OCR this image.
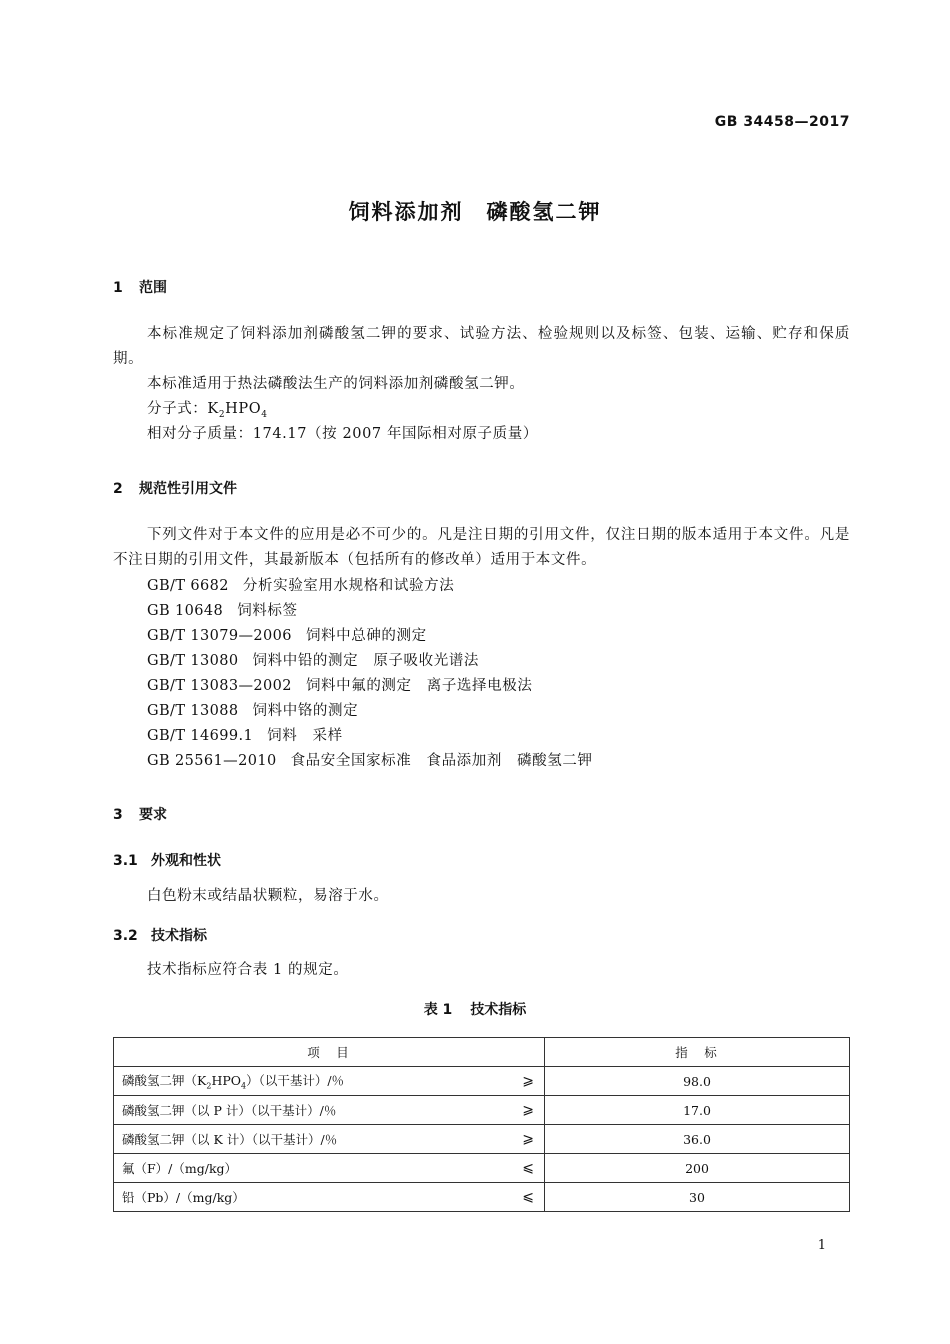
GB 34458—2017
饲料添加剂　磷酸氢二钾
1 范围
本标准规定了饲料添加剂磷酸氢二钾的要求、试验方法、检验规则以及标签、包装、运输、贮存和保质期。
本标准适用于热法磷酸法生产的饲料添加剂磷酸氢二钾。
分子式：$K_2HPO_4$
相对分子质量：174.17（按 2007 年国际相对原子质量）
2 规范性引用文件
下列文件对于本文件的应用是必不可少的。凡是注日期的引用文件，仅注日期的版本适用于本文件。凡是不注日期的引用文件，其最新版本（包括所有的修改单）适用于本文件。
GB/T 6682 分析实验室用水规格和试验方法
GB 10648 饲料标签
GB/T 13079—2006 饲料中总砷的测定
GB/T 13080 饲料中铅的测定　原子吸收光谱法
GB/T 13083—2002 饲料中氟的测定　离子选择电极法
GB/T 13088 饲料中铬的测定
GB/T 14699.1 饲料　采样
GB 25561—2010 食品安全国家标准　食品添加剂　磷酸氢二钾
3 要求
3.1 外观和性状
白色粉末或结晶状颗粒，易溶于水。
3.2 技术指标
技术指标应符合表 1 的规定。
表 1 技术指标
项　目	指　标
磷酸氢二钾$(K_2HPO_4)$（以干基计）/％ ⩾	98.0
磷酸氢二钾（以 P 计）（以干基计）/％ ⩾	17.0
磷酸氢二钾（以 K 计）（以干基计）/％ ⩾	36.0
氟（F）/（mg/kg） ⩽	200
铅（Pb）/（mg/kg） ⩽	30
1
